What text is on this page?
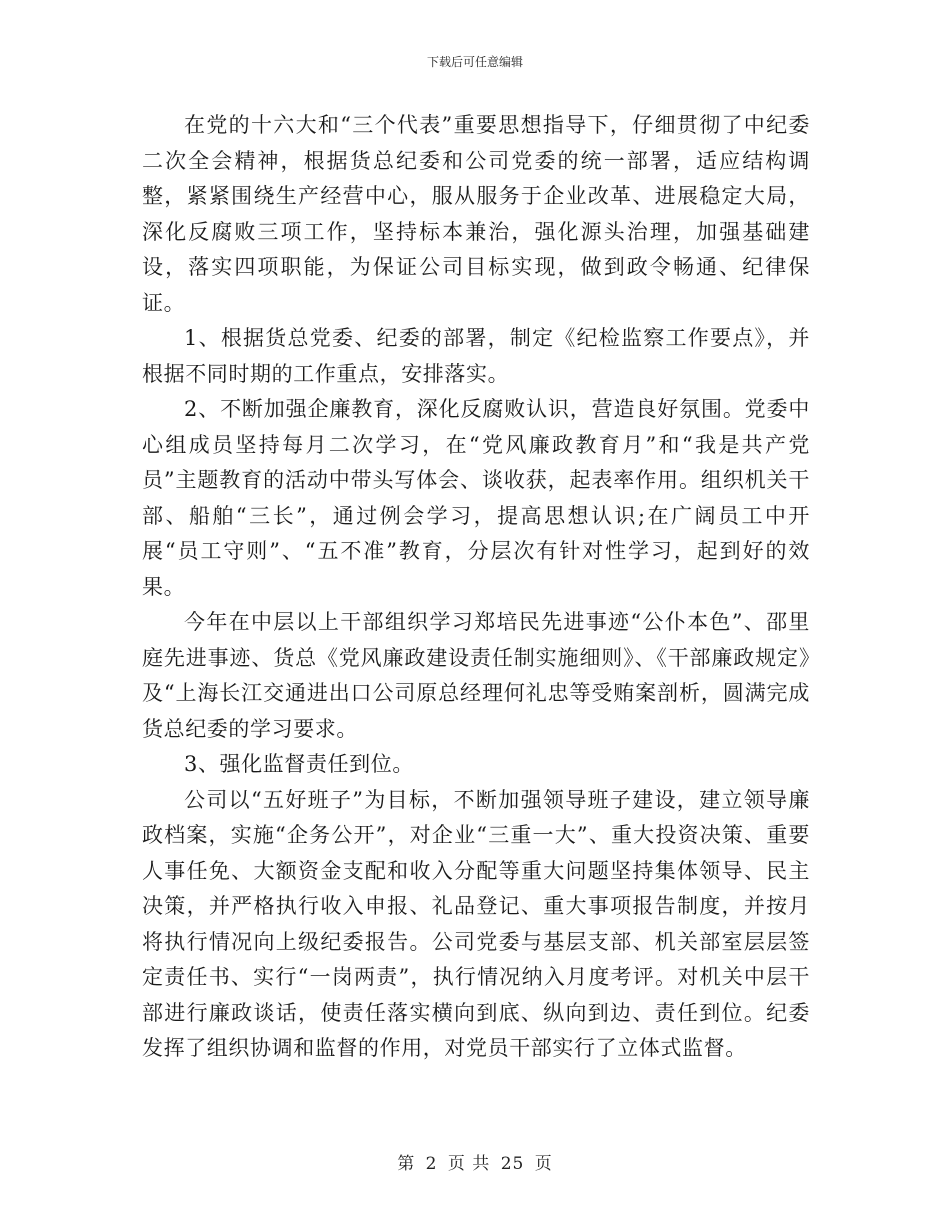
下载后可任意编辑

在党的十六大和“三个代表”重要思想指导下，仔细贯彻了中纪委二次全会精神，根据货总纪委和公司党委的统一部署，适应结构调整，紧紧围绕生产经营中心，服从服务于企业改革、进展稳定大局，深化反腐败三项工作，坚持标本兼治，强化源头治理，加强基础建设，落实四项职能，为保证公司目标实现，做到政令畅通、纪律保证。

1、根据货总党委、纪委的部署，制定《纪检监察工作要点》，并根据不同时期的工作重点，安排落实。

2、不断加强企廉教育，深化反腐败认识，营造良好氛围。党委中心组成员坚持每月二次学习，在“党风廉政教育月”和“我是共产党员”主题教育的活动中带头写体会、谈收获，起表率作用。组织机关干部、船舶“三长”，通过例会学习，提高思想认识;在广阔员工中开展“员工守则”、“五不准”教育，分层次有针对性学习，起到好的效果。

今年在中层以上干部组织学习郑培民先进事迹“公仆本色”、邵里庭先进事迹、货总《党风廉政建设责任制实施细则》、《干部廉政规定》及“上海长江交通进出口公司原总经理何礼忠等受贿案剖析，圆满完成货总纪委的学习要求。

3、强化监督责任到位。

公司以“五好班子”为目标，不断加强领导班子建设，建立领导廉政档案，实施“企务公开”，对企业“三重一大”、重大投资决策、重要人事任免、大额资金支配和收入分配等重大问题坚持集体领导、民主决策，并严格执行收入申报、礼品登记、重大事项报告制度，并按月将执行情况向上级纪委报告。公司党委与基层支部、机关部室层层签定责任书、实行“一岗两责”，执行情况纳入月度考评。对机关中层干部进行廉政谈话，使责任落实横向到底、纵向到边、责任到位。纪委发挥了组织协调和监督的作用，对党员干部实行了立体式监督。

第 2 页 共 25 页
